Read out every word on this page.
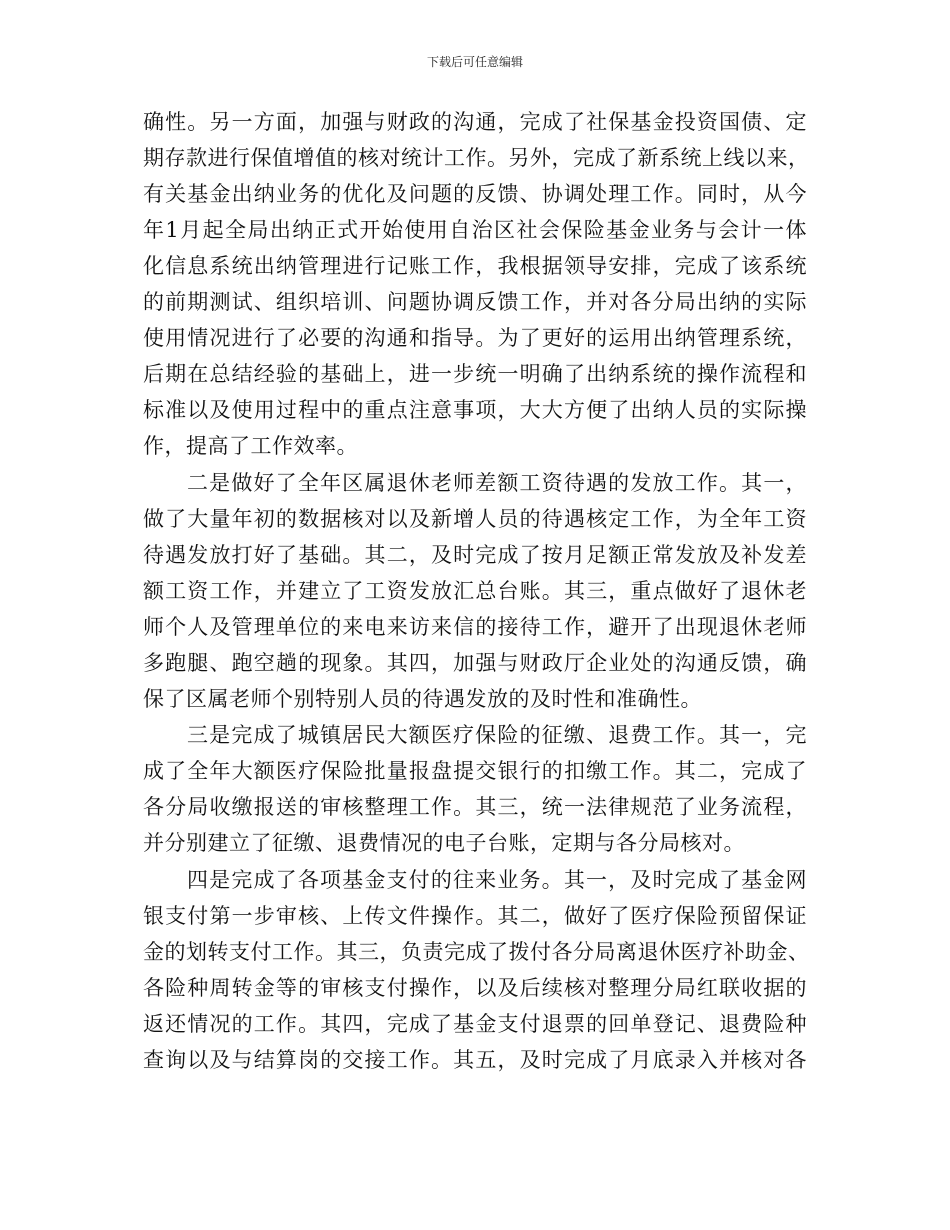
下载后可任意编辑
确性。另一方面，加强与财政的沟通，完成了社保基金投资国债、定
期存款进行保值增值的核对统计工作。另外，完成了新系统上线以来，
有关基金出纳业务的优化及问题的反馈、协调处理工作。同时，从今
年1月起全局出纳正式开始使用自治区社会保险基金业务与会计一体
化信息系统出纳管理进行记账工作，我根据领导安排，完成了该系统
的前期测试、组织培训、问题协调反馈工作，并对各分局出纳的实际
使用情况进行了必要的沟通和指导。为了更好的运用出纳管理系统，
后期在总结经验的基础上，进一步统一明确了出纳系统的操作流程和
标准以及使用过程中的重点注意事项，大大方便了出纳人员的实际操
作，提高了工作效率。
二是做好了全年区属退休老师差额工资待遇的发放工作。其一，
做了大量年初的数据核对以及新增人员的待遇核定工作，为全年工资
待遇发放打好了基础。其二，及时完成了按月足额正常发放及补发差
额工资工作，并建立了工资发放汇总台账。其三，重点做好了退休老
师个人及管理单位的来电来访来信的接待工作，避开了出现退休老师
多跑腿、跑空趟的现象。其四，加强与财政厅企业处的沟通反馈，确
保了区属老师个别特别人员的待遇发放的及时性和准确性。
三是完成了城镇居民大额医疗保险的征缴、退费工作。其一，完
成了全年大额医疗保险批量报盘提交银行的扣缴工作。其二，完成了
各分局收缴报送的审核整理工作。其三，统一法律规范了业务流程，
并分别建立了征缴、退费情况的电子台账，定期与各分局核对。
四是完成了各项基金支付的往来业务。其一，及时完成了基金网
银支付第一步审核、上传文件操作。其二，做好了医疗保险预留保证
金的划转支付工作。其三，负责完成了拨付各分局离退休医疗补助金、
各险种周转金等的审核支付操作，以及后续核对整理分局红联收据的
返还情况的工作。其四，完成了基金支付退票的回单登记、退费险种
查询以及与结算岗的交接工作。其五，及时完成了月底录入并核对各
